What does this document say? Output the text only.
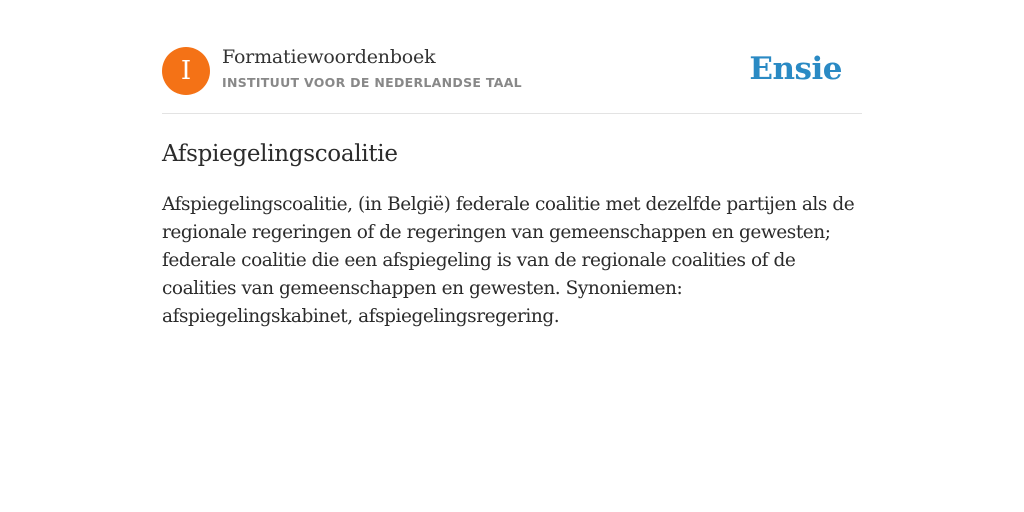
I	Formatiewoordenboek
INSTITUUT VOOR DE NEDERLANDSE TAAL	Ensie
Afspiegelingscoalitie

Afspiegelingscoalitie, (in België) federale coalitie met dezelfde partijen als de regionale regeringen of de regeringen van gemeenschappen en gewesten; federale coalitie die een afspiegeling is van de regionale coalities of de coalities van gemeenschappen en gewesten. Synoniemen: afspiegelingskabinet, afspiegelingsregering.
